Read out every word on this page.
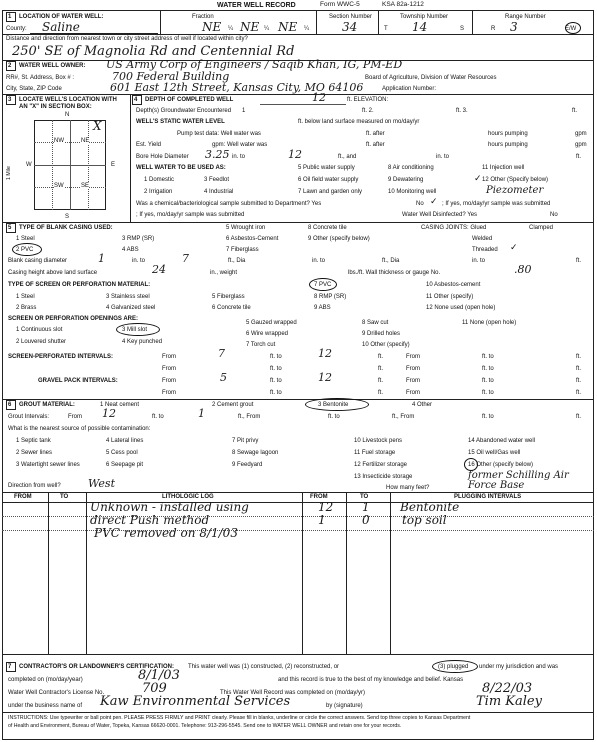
WATER WELL RECORD	Form WWC-5	KSA 82a-1212
1 LOCATION OF WATER WELL:
County: Saline
Fraction
NE ¼ NE ¼ NE ¼
Section Number
34
Township Number
T 14	S
Range Number
R 3	E/W
Distance and direction from nearest town or city street address of well if located within city?
250' SE of Magnolia Rd and Centennial Rd
2 WATER WELL OWNER: US Army Corp of Engineers / Saqib Khan, IG, PM-ED
RR#, St. Address, Box # :	700 Federal Building	Board of Agriculture, Division of Water Resources
City, State, ZIP Code	601 East 12th Street, Kansas City, MO 64106	Application Number:
3 LOCATE WELL'S LOCATION WITH
AN "X" IN SECTION BOX:
N
S
W	E
1 Mile
NW	NE
SW	SE
X
4 DEPTH OF COMPLETED WELL	12	ft. ELEVATION:
Depth(s) Groundwater Encountered 1	ft. 2.	ft. 3.	ft.
WELL'S STATIC WATER LEVEL	ft. below land surface measured on mo/day/yr
Pump test data: Well water was	ft. after	hours pumping	gpm
Est. Yield	gpm: Well water was	ft. after	hours pumping	gpm
Bore Hole Diameter 3.25 in. to	12	ft., and	in. to	ft.
WELL WATER TO BE USED AS:	5 Public water supply	8 Air conditioning	11 Injection well
1 Domestic	3 Feedlot	6 Oil field water supply	9 Dewatering	12 Other (Specify below)
✓
2 Irrigation	4 Industrial	7 Lawn and garden only	10 Monitoring well	Piezometer
Was a chemical/bacteriological sample submitted to Department? Yes	No ✓ ; If yes, mo/day/yr sample was submitted
; If yes, mo/day/yr sample was submitted	Water Well Disinfected? Yes	No
5 TYPE OF BLANK CASING USED:	5 Wrought iron	8 Concrete tile	CASING JOINTS: Glued	Clamped
1 Steel	3 RMP (SR)	6 Asbestos-Cement	9 Other (specify below)	Welded
2 PVC	4 ABS	7 Fiberglass	Threaded ✓
Blank casing diameter	1	in. to	7	ft., Dia	in. to	ft., Dia	in. to	ft.
Casing height above land surface	24	in., weight	lbs./ft. Wall thickness or gauge No.	.80
TYPE OF SCREEN OR PERFORATION MATERIAL:	7 PVC	10 Asbestos-cement
1 Steel	3 Stainless steel	5 Fiberglass	8 RMP (SR)	11 Other (specify)
2 Brass	4 Galvanized steel	6 Concrete tile	9 ABS	12 None used (open hole)
SCREEN OR PERFORATION OPENINGS ARE:
1 Continuous slot	3 Mill slot
5 Gauzed wrapped	8 Saw cut	11 None (open hole)
2 Louvered shutter	4 Key punched
6 Wire wrapped	9 Drilled holes
7 Torch cut	10 Other (specify)
SCREEN-PERFORATED INTERVALS:	From	7	ft. to	12	ft.	From	ft. to	ft.
From	ft. to	ft.	From	ft. to	ft.
GRAVEL PACK INTERVALS:	From	5	ft. to	12	ft.	From	ft. to	ft.
From	ft. to	ft.	From	ft. to	ft.
6 GROUT MATERIAL:	1 Neat cement	2 Cement grout	3 Bentonite	4 Other
Grout Intervals:	From 12	ft. to	1	ft., From	ft. to	ft., From	ft. to	ft.
What is the nearest source of possible contamination:
1 Septic tank	4 Lateral lines	7 Pit privy	10 Livestock pens	14 Abandoned water well
2 Sewer lines	5 Cess pool	8 Sewage lagoon	11 Fuel storage	15 Oil well/Gas well
3 Watertight sewer lines	6 Seepage pit	9 Feedyard	12 Fertilizer storage	16 Other (specify below)
13 Insecticide storage	former Schilling Air Force Base
Direction from well? West	How many feet?
FROM	TO	LITHOLOGIC LOG	FROM	TO	PLUGGING INTERVALS
Unknown - installed using
direct Push method
PVC removed on 8/1/03
12 1	Bentonite
1	0	top soil
7 CONTRACTOR'S OR LANDOWNER'S CERTIFICATION: This water well was (1) constructed, (2) reconstructed, or	(3) plugged under my jurisdiction and was
completed on (mo/day/year)	8/1/03	and this record is true to the best of my knowledge and belief. Kansas
Water Well Contractor's License No.	709	This Water Well Record was completed on (mo/day/yr)	8/22/03
under the business name of Kaw Environmental Services	by (signature)	Tim Kaley
INSTRUCTIONS: Use typewriter or ball point pen. PLEASE PRESS FIRMLY and PRINT clearly. Please fill in blanks, underline or circle the correct answers. Send top three copies to Kansas Department
of Health and Environment, Bureau of Water, Topeka, Kansas 66620-0001. Telephone: 913-296-5545. Send one to WATER WELL OWNER and retain one for your records.
